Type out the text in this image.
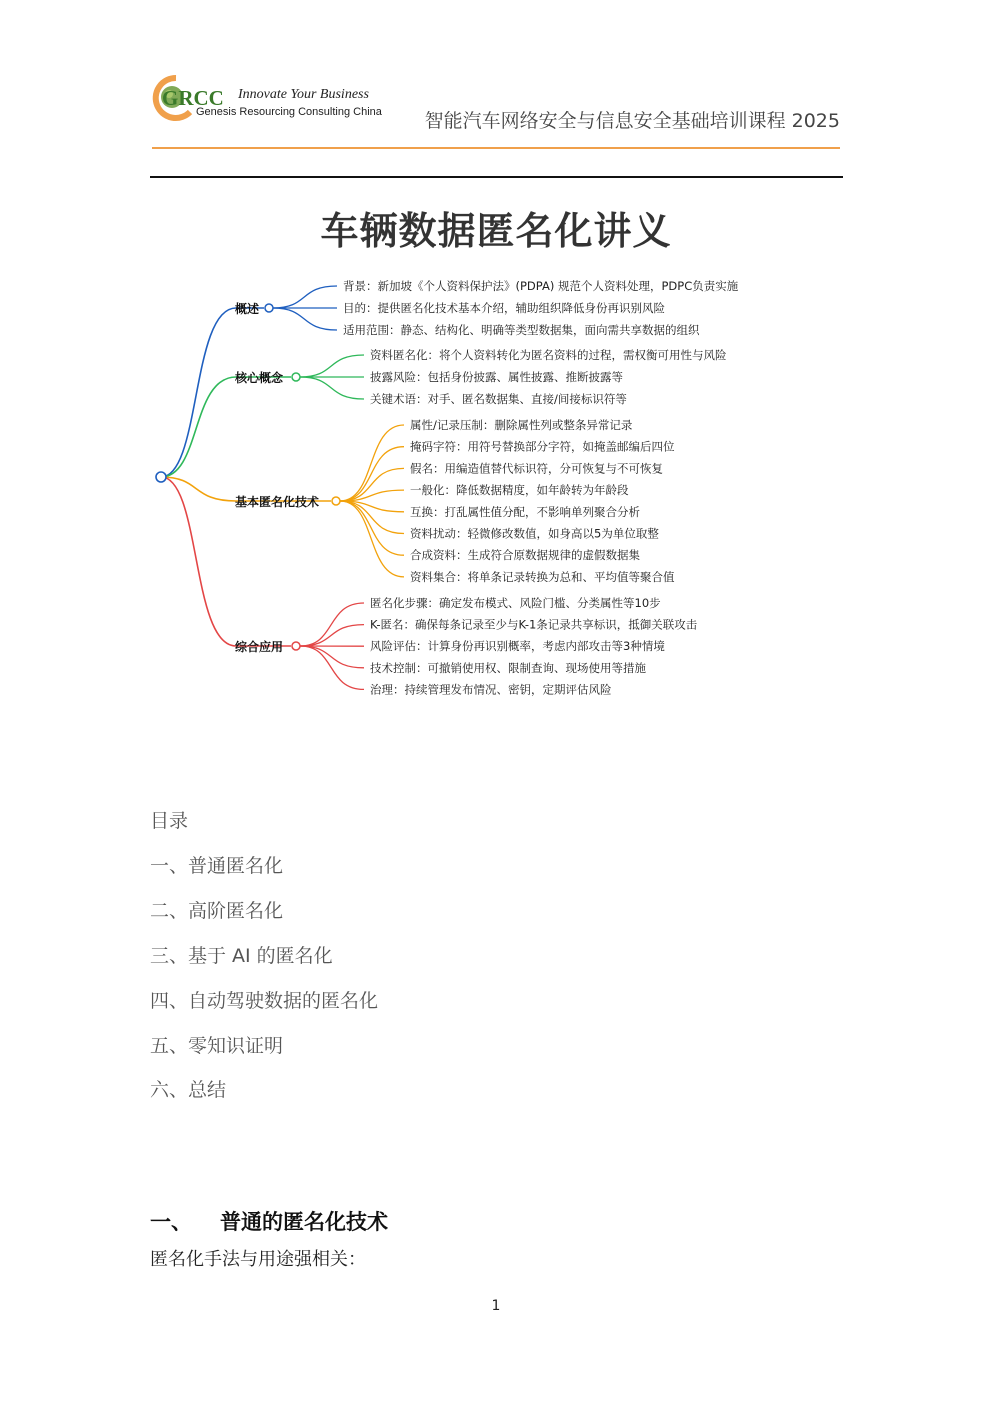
GRCC Innovate Your Business
Genesis Resourcing Consulting China	智能汽车网络安全与信息安全基础培训课程 2025
车辆数据匿名化讲义
概述
背景：新加坡《个人资料保护法》(PDPA) 规范个人资料处理，PDPC负责实施
目的：提供匿名化技术基本介绍，辅助组织降低身份再识别风险
适用范围：静态、结构化、明确等类型数据集，面向需共享数据的组织
核心概念
资料匿名化：将个人资料转化为匿名资料的过程，需权衡可用性与风险
披露风险：包括身份披露、属性披露、推断披露等
关键术语：对手、匿名数据集、直接/间接标识符等
基本匿名化技术
属性/记录压制：删除属性列或整条异常记录
掩码字符：用符号替换部分字符，如掩盖邮编后四位
假名：用编造值替代标识符，分可恢复与不可恢复
一般化：降低数据精度，如年龄转为年龄段
互换：打乱属性值分配，不影响单列聚合分析
资料扰动：轻微修改数值，如身高以5为单位取整
合成资料：生成符合原数据规律的虚假数据集
资料集合：将单条记录转换为总和、平均值等聚合值
综合应用
匿名化步骤：确定发布模式、风险门槛、分类属性等10步
K-匿名：确保每条记录至少与K-1条记录共享标识，抵御关联攻击
风险评估：计算身份再识别概率，考虑内部攻击等3种情境
技术控制：可撤销使用权、限制查询、现场使用等措施
治理：持续管理发布情况、密钥，定期评估风险
目录
一、普通匿名化
二、高阶匿名化
三、基于 AI 的匿名化
四、自动驾驶数据的匿名化
五、零知识证明
六、总结
一、 普通的匿名化技术
匿名化手法与用途强相关：
1
